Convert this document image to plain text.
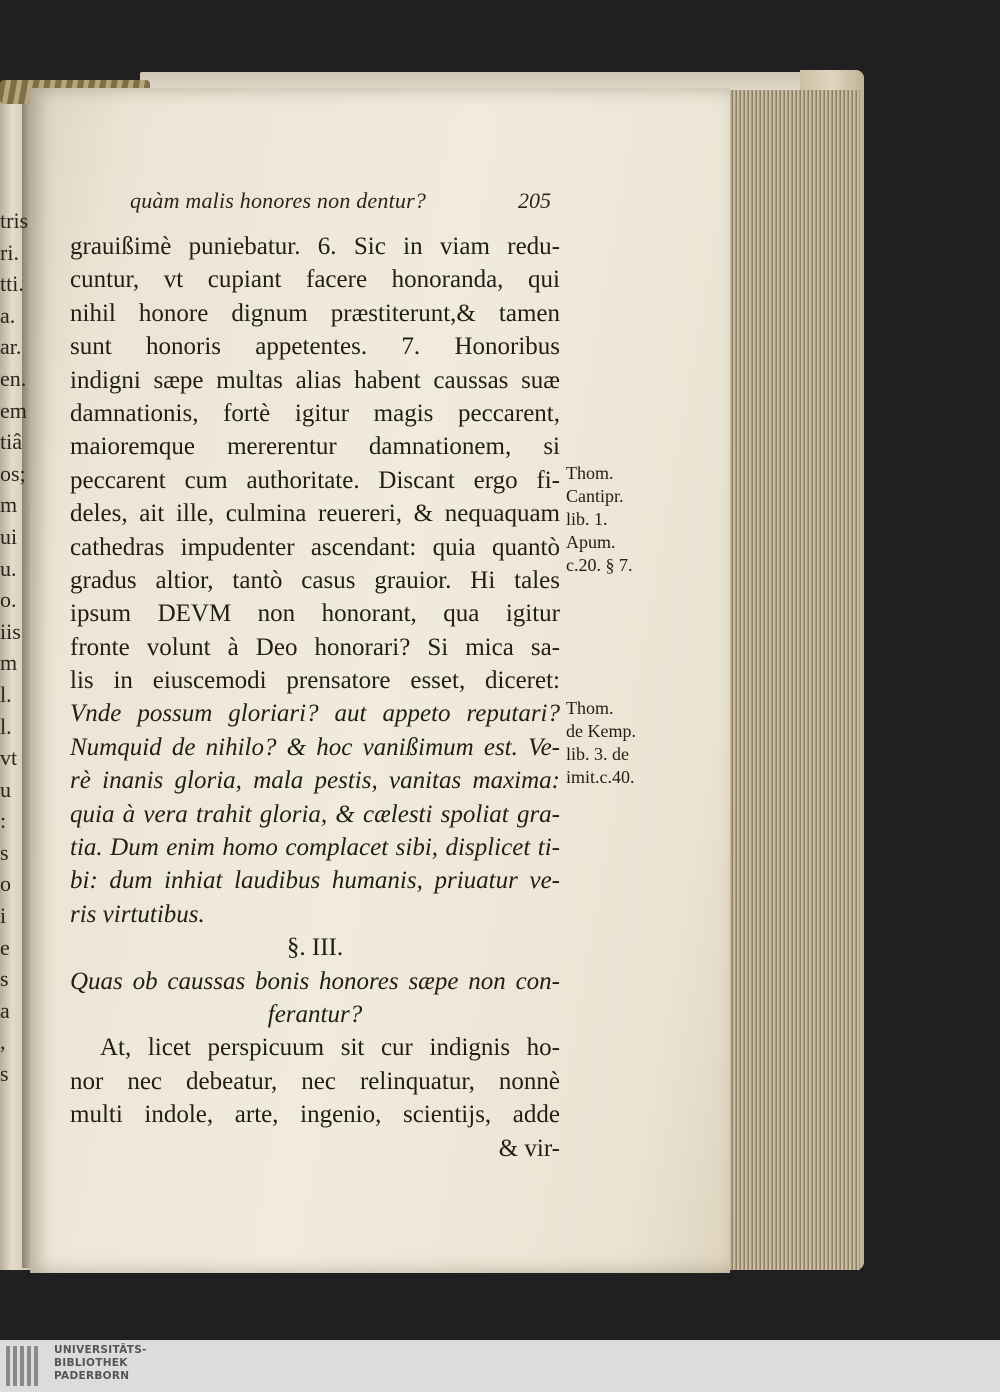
tris
ri.
tti.
a.
ar.
en.
em
tiâ
os;
m
ui
u.
o.
iis
m
l.
l.
vt
u
:
s
o
i
e
s
a
,
s
quàm malis honores non dentur?	205
grauißimè puniebatur. 6. Sic in viam redu-
cuntur, vt cupiant facere honoranda, qui
nihil honore dignum præstiterunt,& tamen
sunt honoris appetentes. 7. Honoribus
indigni sæpe multas alias habent caussas suæ
damnationis, fortè igitur magis peccarent,
maioremque mererentur damnationem, si
peccarent cum authoritate. Discant ergo fi-
deles, ait ille, culmina reuereri, & nequaquam
cathedras impudenter ascendant: quia quantò
gradus altior, tantò casus grauior. Hi tales
ipsum DEVM non honorant, qua igitur
fronte volunt à Deo honorari? Si mica sa-
lis in eiuscemodi prensatore esset, diceret:
Vnde possum gloriari? aut appeto reputari?
Numquid de nihilo? & hoc vanißimum est. Ve-
rè inanis gloria, mala pestis, vanitas maxima:
quia à vera trahit gloria, & cælesti spoliat gra-
tia. Dum enim homo complacet sibi, displicet ti-
bi: dum inhiat laudibus humanis, priuatur ve-
ris virtutibus.
§. III.
Quas ob caussas bonis honores sæpe non con-
ferantur?
At, licet perspicuum sit cur indignis ho-
nor nec debeatur, nec relinquatur, nonnè
multi indole, arte, ingenio, scientijs, adde
& vir-
Thom.
Cantipr.
lib. 1.
Apum.
c.20. § 7.
Thom.
de Kemp.
lib. 3. de
imit.c.40.
UNIVERSITÄTS-
BIBLIOTHEK
PADERBORN
